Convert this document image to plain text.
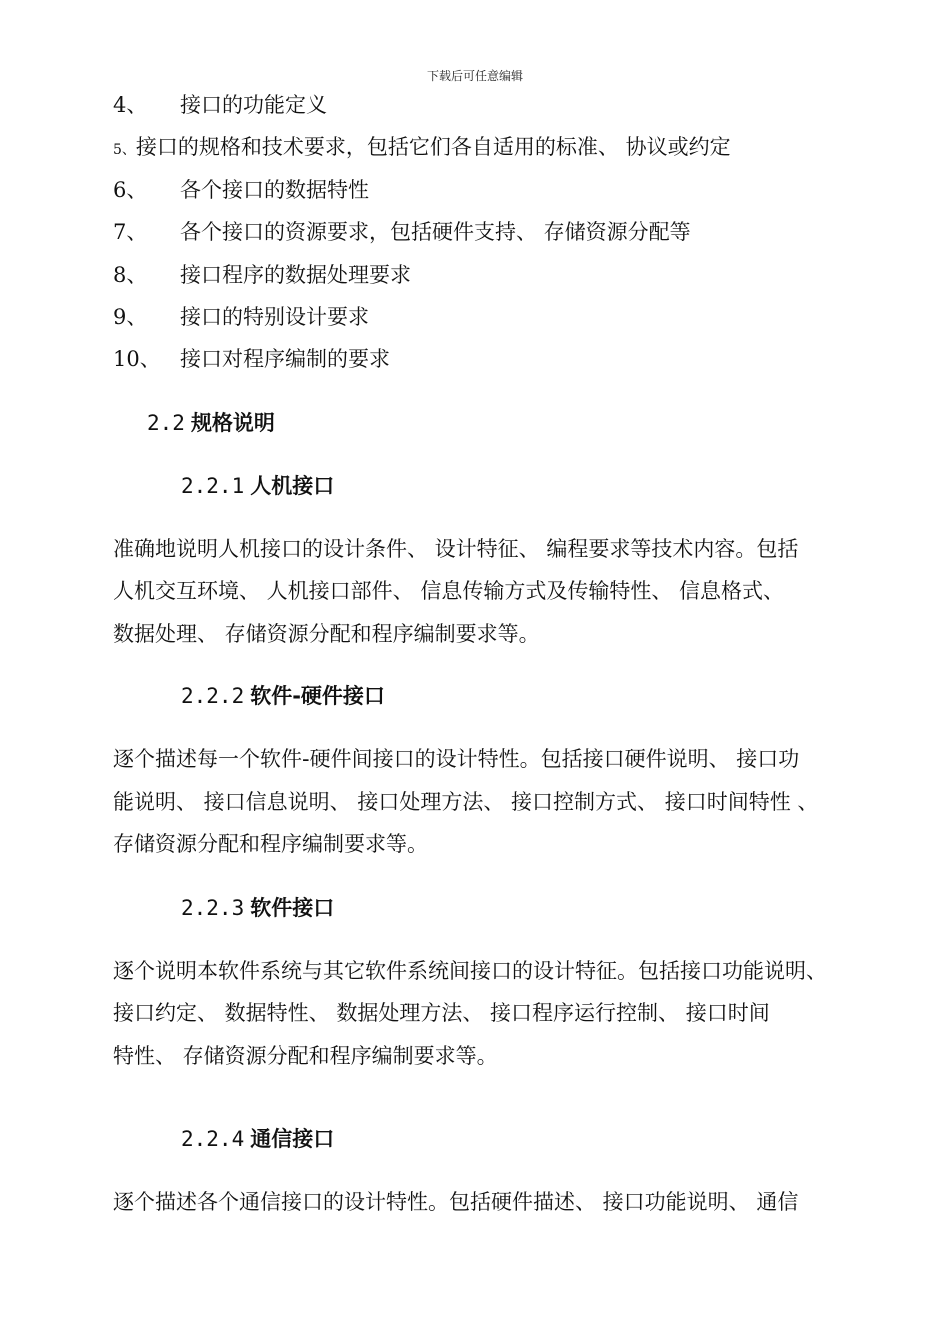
下载后可任意编辑
4、 接口的功能定义
5、接口的规格和技术要求，包括它们各自适用的标准、 协议或约定
6、 各个接口的数据特性
7、 各个接口的资源要求，包括硬件支持、 存储资源分配等
8、 接口程序的数据处理要求
9、 接口的特别设计要求
10、 接口对程序编制的要求
2.2 规格说明
2.2.1 人机接口
准确地说明人机接口的设计条件、 设计特征、 编程要求等技术内容。包括
人机交互环境、 人机接口部件、 信息传输方式及传输特性、 信息格式、
数据处理、 存储资源分配和程序编制要求等。
2.2.2 软件-硬件接口
逐个描述每一个软件-硬件间接口的设计特性。包括接口硬件说明、 接口功
能说明、 接口信息说明、 接口处理方法、 接口控制方式、 接口时间特性 、
存储资源分配和程序编制要求等。
2.2.3 软件接口
逐个说明本软件系统与其它软件系统间接口的设计特征。包括接口功能说明、
接口约定、 数据特性、 数据处理方法、 接口程序运行控制、 接口时间
特性、 存储资源分配和程序编制要求等。
2.2.4 通信接口
逐个描述各个通信接口的设计特性。包括硬件描述、 接口功能说明、 通信
